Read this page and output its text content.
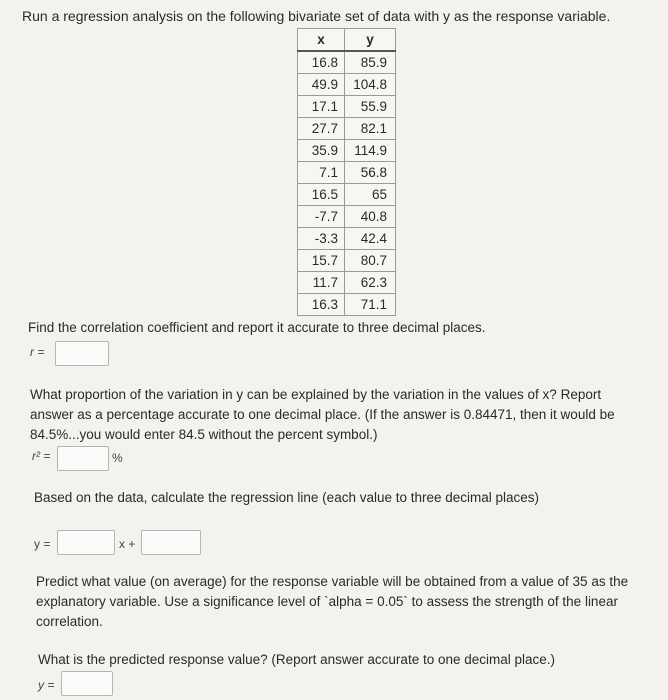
Run a regression analysis on the following bivariate set of data with y as the response variable.
x	y
16.8	85.9
49.9	104.8
17.1	55.9
27.7	82.1
35.9	114.9
7.1	56.8
16.5	65
-7.7	40.8
-3.3	42.4
15.7	80.7
11.7	62.3
16.3	71.1
Find the correlation coefficient and report it accurate to three decimal places.
r =
What proportion of the variation in y can be explained by the variation in the values of x? Report
answer as a percentage accurate to one decimal place. (If the answer is 0.84471, then it would be
84.5%...you would enter 84.5 without the percent symbol.)
r² =	%
Based on the data, calculate the regression line (each value to three decimal places)
y =	x +
Predict what value (on average) for the response variable will be obtained from a value of 35 as the
explanatory variable. Use a significance level of `alpha = 0.05` to assess the strength of the linear
correlation.
What is the predicted response value? (Report answer accurate to one decimal place.)
y =
